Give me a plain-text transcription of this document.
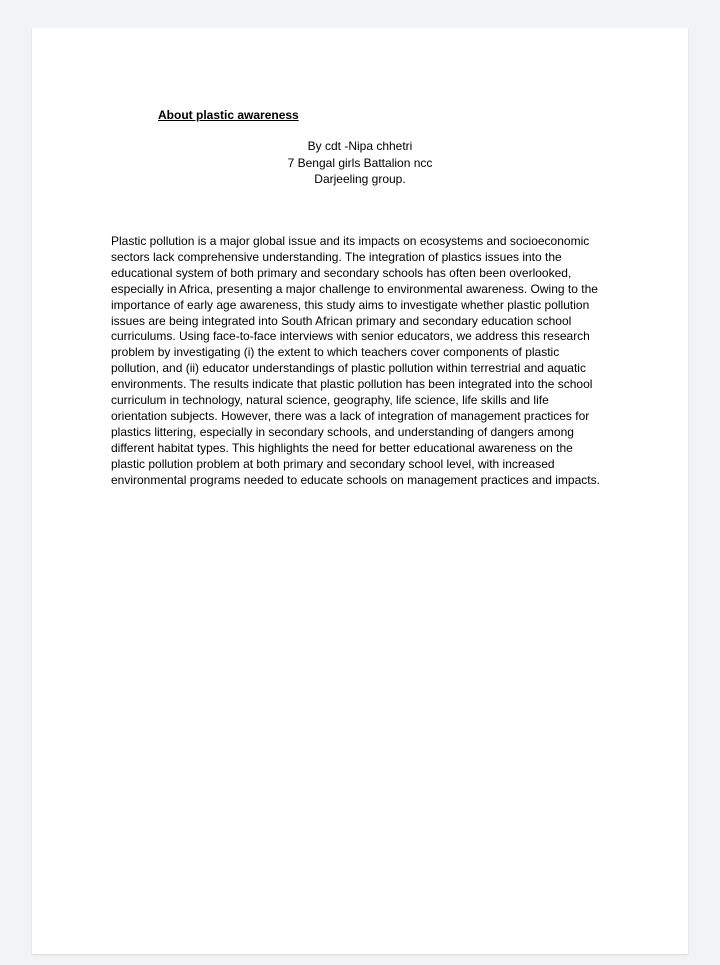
About plastic awareness
By cdt -Nipa chhetri
7 Bengal girls Battalion ncc
Darjeeling group.
Plastic pollution is a major global issue and its impacts on ecosystems and socioeconomic
sectors lack comprehensive understanding. The integration of plastics issues into the
educational system of both primary and secondary schools has often been overlooked,
especially in Africa, presenting a major challenge to environmental awareness. Owing to the
importance of early age awareness, this study aims to investigate whether plastic pollution
issues are being integrated into South African primary and secondary education school
curriculums. Using face-to-face interviews with senior educators, we address this research
problem by investigating (i) the extent to which teachers cover components of plastic
pollution, and (ii) educator understandings of plastic pollution within terrestrial and aquatic
environments. The results indicate that plastic pollution has been integrated into the school
curriculum in technology, natural science, geography, life science, life skills and life
orientation subjects. However, there was a lack of integration of management practices for
plastics littering, especially in secondary schools, and understanding of dangers among
different habitat types. This highlights the need for better educational awareness on the
plastic pollution problem at both primary and secondary school level, with increased
environmental programs needed to educate schools on management practices and impacts.
